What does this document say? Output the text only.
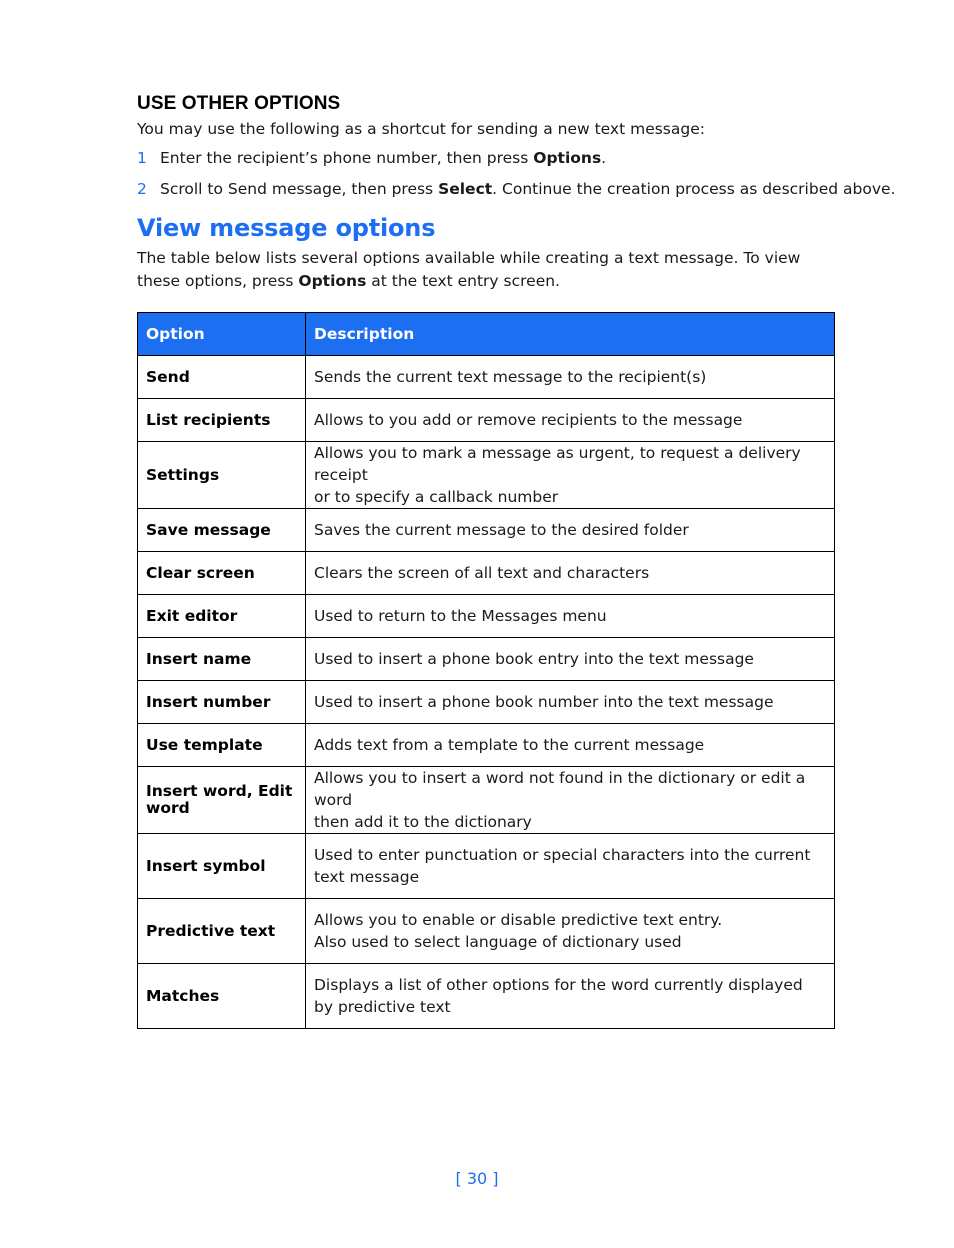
USE OTHER OPTIONS

You may use the following as a shortcut for sending a new text message:

1 Enter the recipient’s phone number, then press Options.
2 Scroll to Send message, then press Select. Continue the creation process as described above.
View message options

The table below lists several options available while creating a text message. To view these options, press Options at the text entry screen.

Option	Description
Send	Sends the current text message to the recipient(s)

List recipients	Allows to you add or remove recipients to the message

Settings	Allows you to mark a message as urgent, to request a delivery receipt
or to specify a callback number

Save message	Saves the current message to the desired folder

Clear screen	Clears the screen of all text and characters

Exit editor	Used to return to the Messages menu

Insert name	Used to insert a phone book entry into the text message

Insert number	Used to insert a phone book number into the text message

Use template	Adds text from a template to the current message

Insert word, Edit word	Allows you to insert a word not found in the dictionary or edit a word
then add it to the dictionary

Insert symbol	Used to enter punctuation or special characters into the current
text message

Predictive text	Allows you to enable or disable predictive text entry.
Also used to select language of dictionary used

Matches	Displays a list of other options for the word currently displayed
by predictive text
[ 30 ]
